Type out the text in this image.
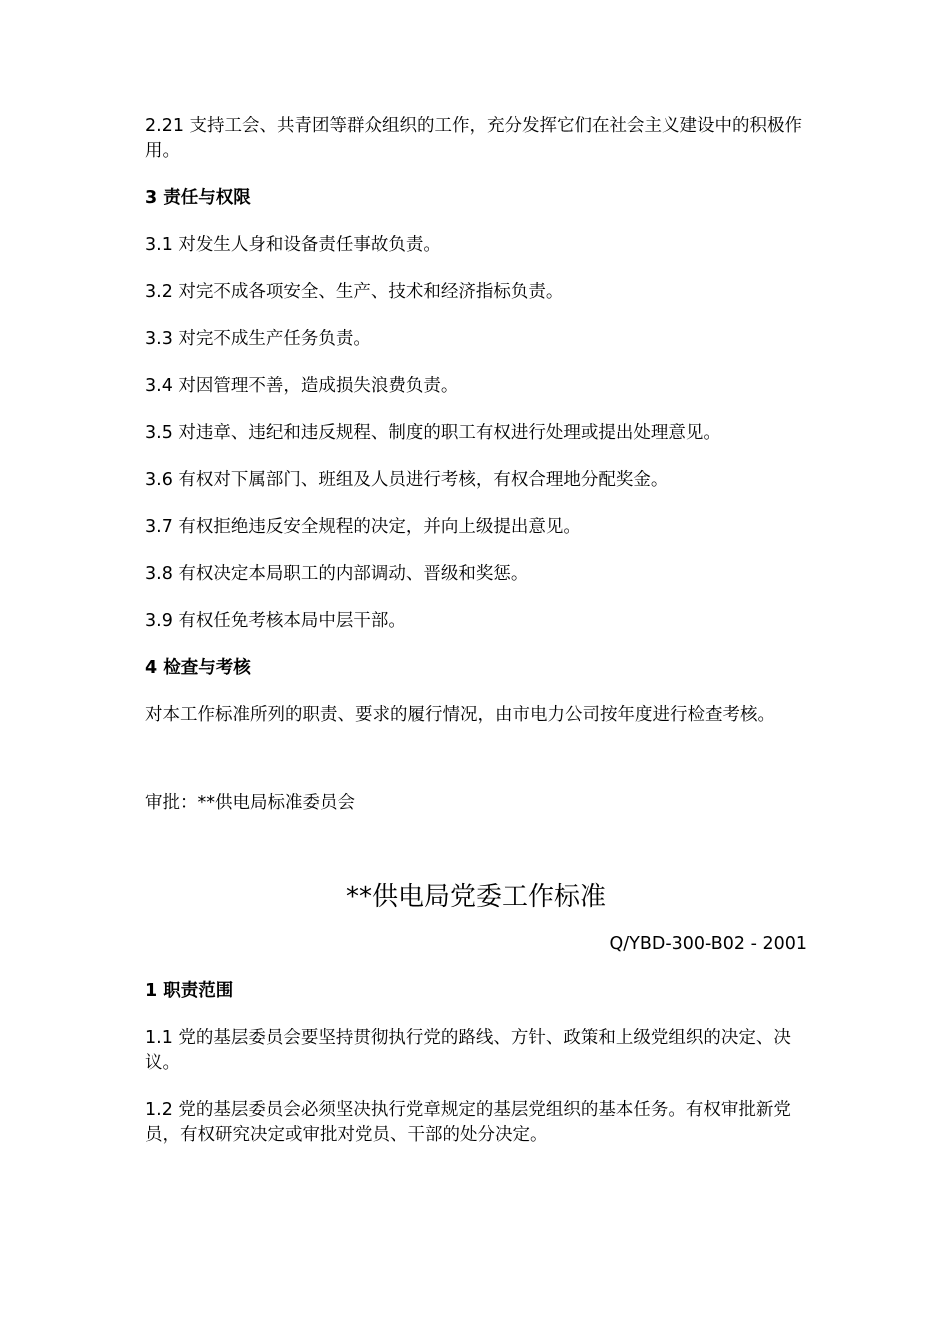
2.21 支持工会、共青团等群众组织的工作，充分发挥它们在社会主义建设中的积极作用。

3 责任与权限

3.1 对发生人身和设备责任事故负责。

3.2 对完不成各项安全、生产、技术和经济指标负责。

3.3 对完不成生产任务负责。

3.4 对因管理不善，造成损失浪费负责。

3.5 对违章、违纪和违反规程、制度的职工有权进行处理或提出处理意见。

3.6 有权对下属部门、班组及人员进行考核，有权合理地分配奖金。

3.7 有权拒绝违反安全规程的决定，并向上级提出意见。

3.8 有权决定本局职工的内部调动、晋级和奖惩。

3.9 有权任免考核本局中层干部。

4 检查与考核

对本工作标准所列的职责、要求的履行情况，由市电力公司按年度进行检查考核。

审批：**供电局标准委员会

**供电局党委工作标准

Q/YBD-300-B02 - 2001

1 职责范围

1.1 党的基层委员会要坚持贯彻执行党的路线、方针、政策和上级党组织的决定、决议。

1.2 党的基层委员会必须坚决执行党章规定的基层党组织的基本任务。有权审批新党员，有权研究决定或审批对党员、干部的处分决定。
